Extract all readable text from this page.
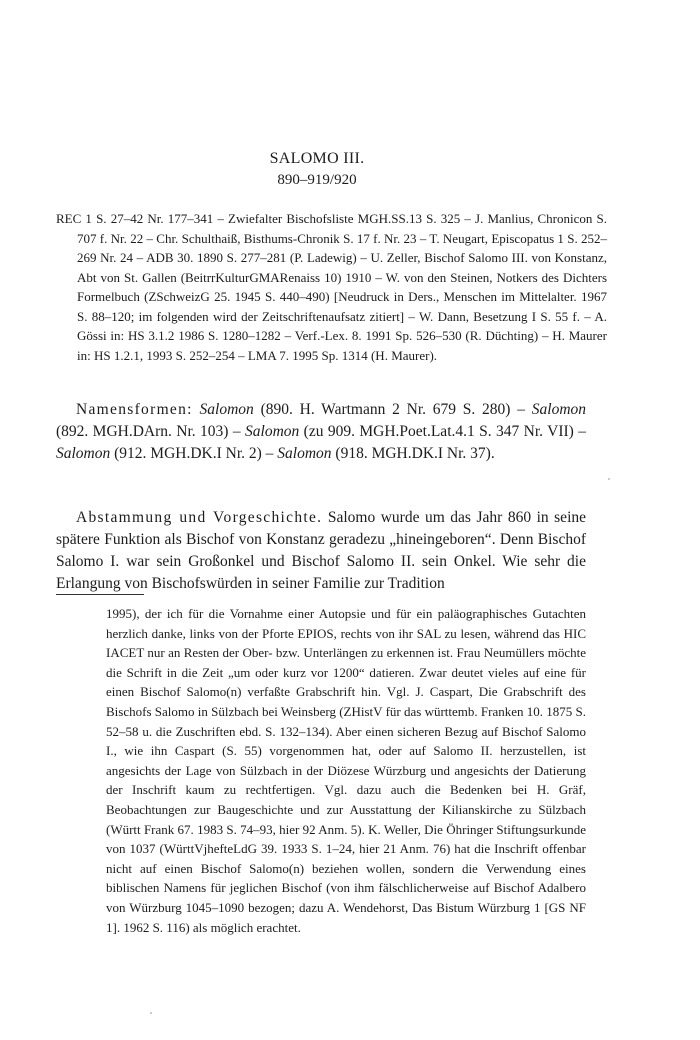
SALOMO III.
890–919/920
REC 1 S. 27–42 Nr. 177–341 – Zwiefalter Bischofsliste MGH.SS.13 S. 325 – J. Manlius, Chronicon S. 707 f. Nr. 22 – Chr. Schulthaiß, Bisthums-Chronik S. 17 f. Nr. 23 – T. Neugart, Episcopatus 1 S. 252–269 Nr. 24 – ADB 30. 1890 S. 277–281 (P. Ladewig) – U. Zeller, Bischof Salomo III. von Konstanz, Abt von St. Gallen (BeitrrKulturGMARenaiss 10) 1910 – W. von den Steinen, Notkers des Dichters Formelbuch (ZSchweizG 25. 1945 S. 440–490) [Neudruck in Ders., Menschen im Mittelalter. 1967 S. 88–120; im folgenden wird der Zeitschriftenaufsatz zitiert] – W. Dann, Besetzung I S. 55 f. – A. Gössi in: HS 3.1.2 1986 S. 1280–1282 – Verf.-Lex. 8. 1991 Sp. 526–530 (R. Düchting) – H. Maurer in: HS 1.2.1, 1993 S. 252–254 – LMA 7. 1995 Sp. 1314 (H. Maurer).
Namensformen: Salomon (890. H. Wartmann 2 Nr. 679 S. 280) – Salomon (892. MGH.DArn. Nr. 103) – Salomon (zu 909. MGH.Poet.Lat.4.1 S. 347 Nr. VII) – Salomon (912. MGH.DK.I Nr. 2) – Salomon (918. MGH.DK.I Nr. 37).
Abstammung und Vorgeschichte. Salomo wurde um das Jahr 860 in seine spätere Funktion als Bischof von Konstanz geradezu „hineingeboren“. Denn Bischof Salomo I. war sein Großonkel und Bischof Salomo II. sein Onkel. Wie sehr die Erlangung von Bischofswürden in seiner Familie zur Tradition
1995), der ich für die Vornahme einer Autopsie und für ein paläographisches Gutachten herzlich danke, links von der Pforte EPIOS, rechts von ihr SAL zu lesen, während das HIC IACET nur an Resten der Ober- bzw. Unterlängen zu erkennen ist. Frau Neumüllers möchte die Schrift in die Zeit „um oder kurz vor 1200“ datieren. Zwar deutet vieles auf eine für einen Bischof Salomo(n) verfaßte Grabschrift hin. Vgl. J. Caspart, Die Grabschrift des Bischofs Salomo in Sülzbach bei Weinsberg (ZHistV für das württemb. Franken 10. 1875 S. 52–58 u. die Zuschriften ebd. S. 132–134). Aber einen sicheren Bezug auf Bischof Salomo I., wie ihn Caspart (S. 55) vorgenommen hat, oder auf Salomo II. herzustellen, ist angesichts der Lage von Sülzbach in der Diözese Würzburg und angesichts der Datierung der Inschrift kaum zu rechtfertigen. Vgl. dazu auch die Bedenken bei H. Gräf, Beobachtungen zur Baugeschichte und zur Ausstattung der Kilianskirche zu Sülzbach (Württ Frank 67. 1983 S. 74–93, hier 92 Anm. 5). K. Weller, Die Öhringer Stiftungsurkunde von 1037 (WürttVjhefteLdG 39. 1933 S. 1–24, hier 21 Anm. 76) hat die Inschrift offenbar nicht auf einen Bischof Salomo(n) beziehen wollen, sondern die Verwendung eines biblischen Namens für jeglichen Bischof (von ihm fälschlicherweise auf Bischof Adalbero von Würzburg 1045–1090 bezogen; dazu A. Wendehorst, Das Bistum Würzburg 1 [GS NF 1]. 1962 S. 116) als möglich erachtet.
